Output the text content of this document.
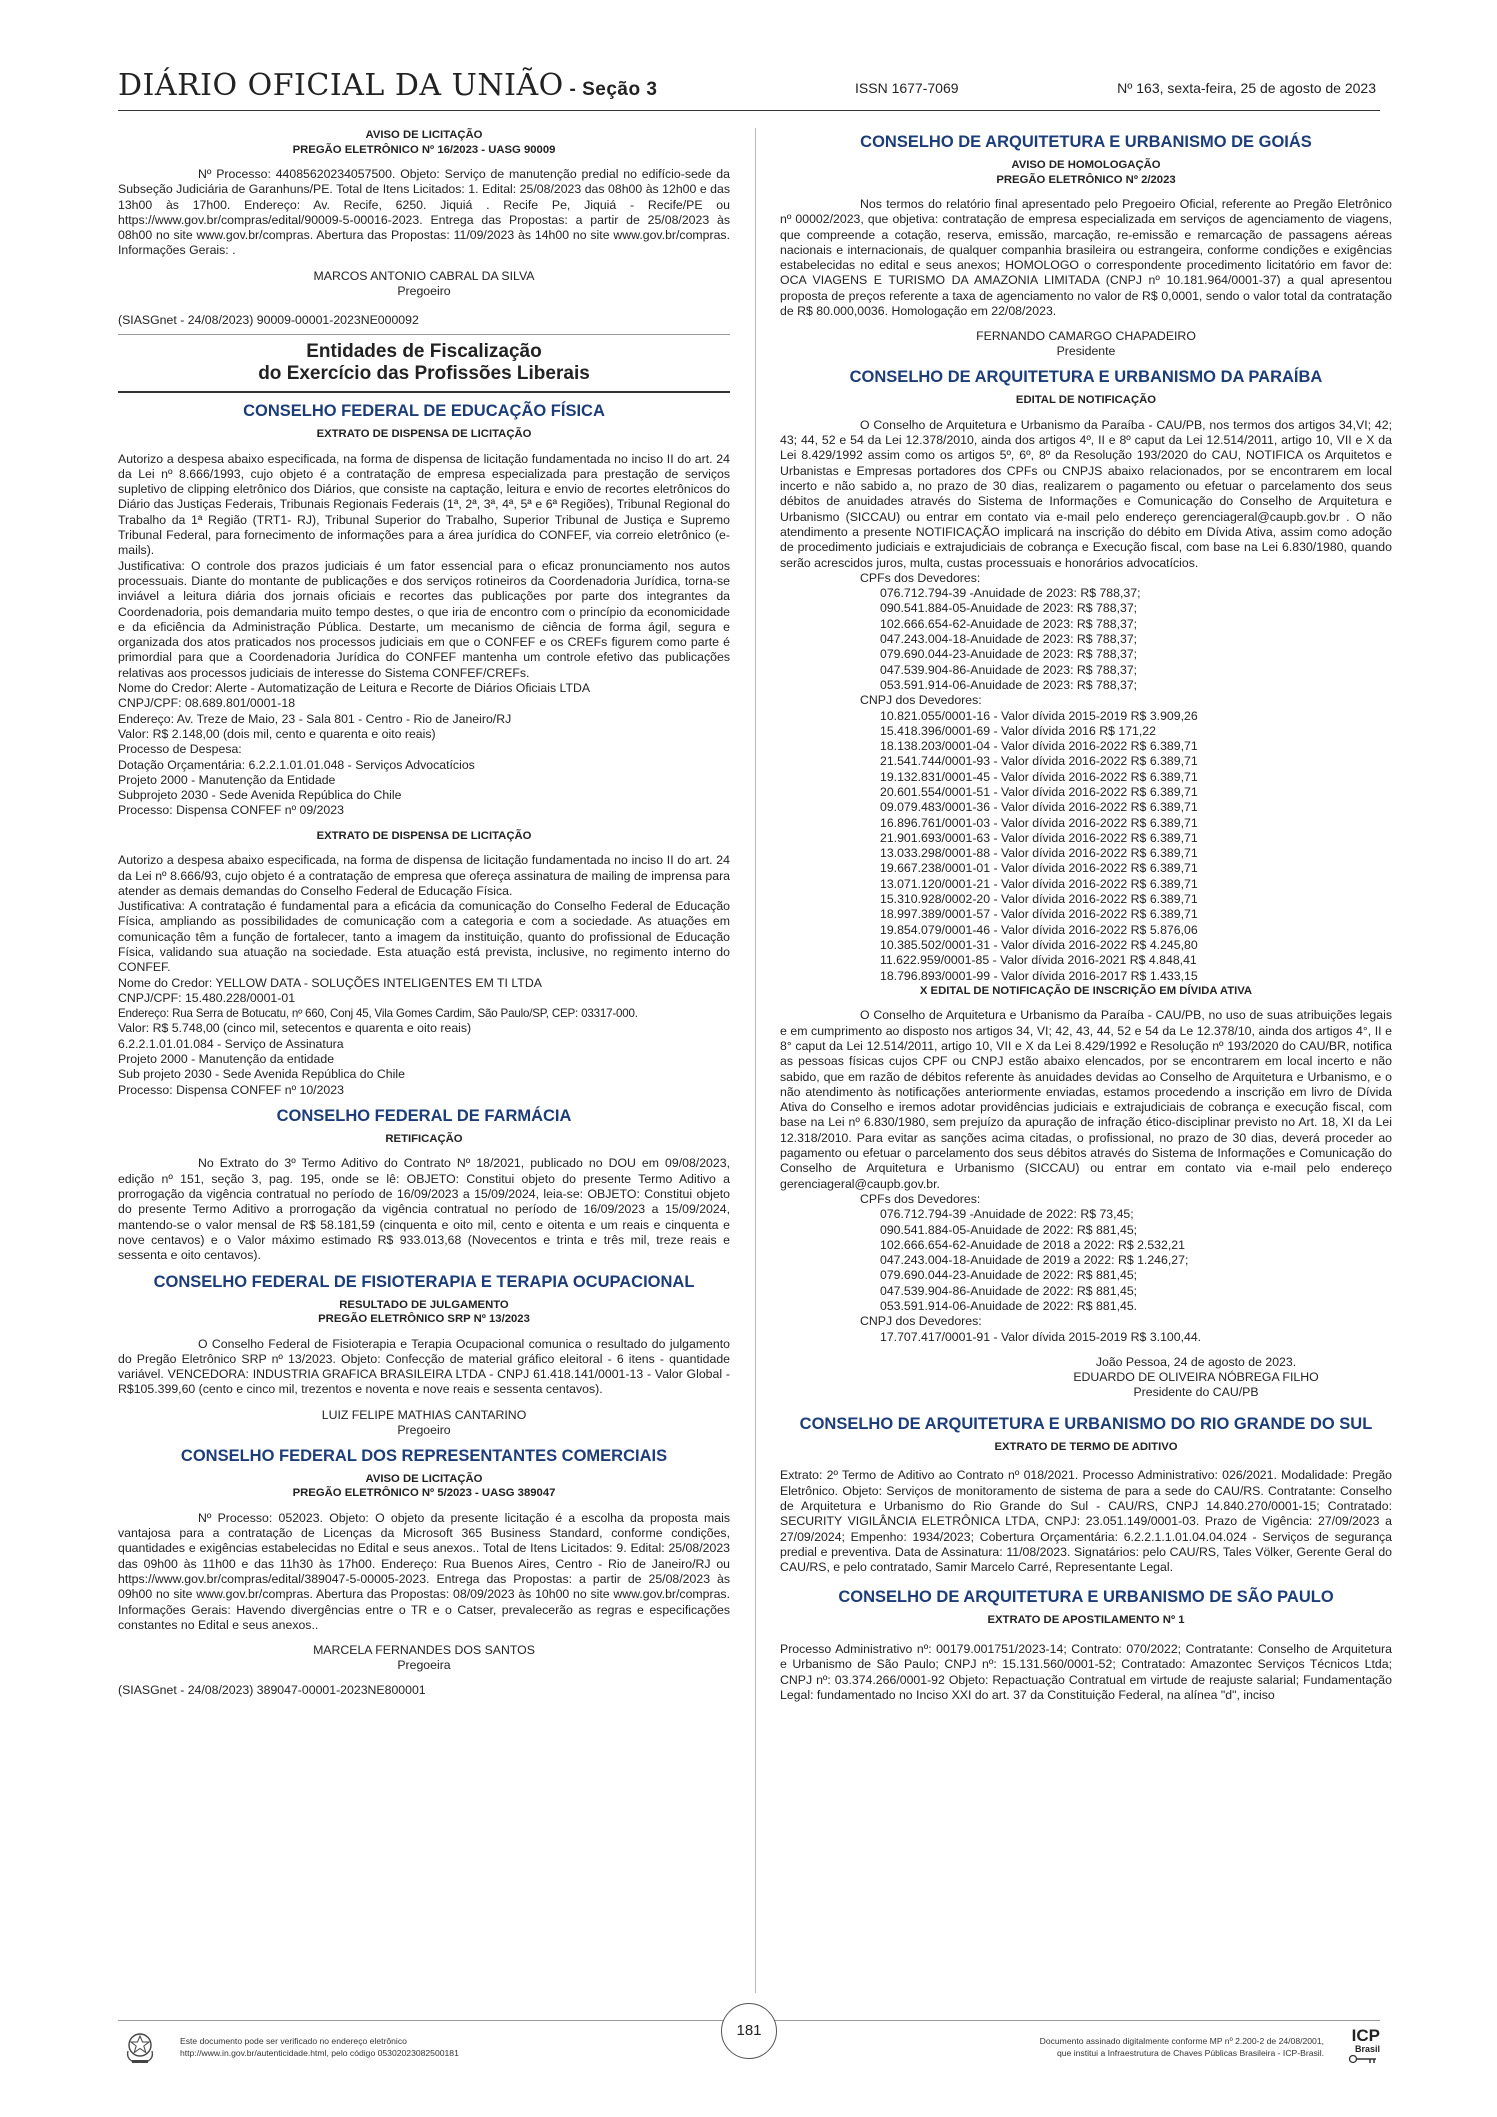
DIÁRIO OFICIAL DA UNIÃO - Seção 3	ISSN 1677-7069	Nº 163, sexta-feira, 25 de agosto de 2023

AVISO DE LICITAÇÃO

PREGÃO ELETRÔNICO Nº 16/2023 - UASG 90009

Nº Processo: 44085620234057500. Objeto: Serviço de manutenção predial no edifício-sede da Subseção Judiciária de Garanhuns/PE. Total de Itens Licitados: 1. Edital: 25/08/2023 das 08h00 às 12h00 e das 13h00 às 17h00. Endereço: Av. Recife, 6250. Jiquiá . Recife Pe, Jiquiá - Recife/PE ou https://www.gov.br/compras/edital/90009-5-00016-2023. Entrega das Propostas: a partir de 25/08/2023 às 08h00 no site www.gov.br/compras. Abertura das Propostas: 11/09/2023 às 14h00 no site www.gov.br/compras. Informações Gerais: .

MARCOS ANTONIO CABRAL DA SILVA

Pregoeiro

(SIASGnet - 24/08/2023) 90009-00001-2023NE000092

Entidades de Fiscalização
do Exercício das Profissões Liberais

CONSELHO FEDERAL DE EDUCAÇÃO FÍSICA

EXTRATO DE DISPENSA DE LICITAÇÃO

Autorizo a despesa abaixo especificada, na forma de dispensa de licitação fundamentada no inciso II do art. 24 da Lei nº 8.666/1993, cujo objeto é a contratação de empresa especializada para prestação de serviços supletivo de clipping eletrônico dos Diários, que consiste na captação, leitura e envio de recortes eletrônicos do Diário das Justiças Federais, Tribunais Regionais Federais (1ª, 2ª, 3ª, 4ª, 5ª e 6ª Regiões), Tribunal Regional do Trabalho da 1ª Região (TRT1- RJ), Tribunal Superior do Trabalho, Superior Tribunal de Justiça e Supremo Tribunal Federal, para fornecimento de informações para a área jurídica do CONFEF, via correio eletrônico (e-mails).

Justificativa: O controle dos prazos judiciais é um fator essencial para o eficaz pronunciamento nos autos processuais. Diante do montante de publicações e dos serviços rotineiros da Coordenadoria Jurídica, torna-se inviável a leitura diária dos jornais oficiais e recortes das publicações por parte dos integrantes da Coordenadoria, pois demandaria muito tempo destes, o que iria de encontro com o princípio da economicidade e da eficiência da Administração Pública. Destarte, um mecanismo de ciência de forma ágil, segura e organizada dos atos praticados nos processos judiciais em que o CONFEF e os CREFs figurem como parte é primordial para que a Coordenadoria Jurídica do CONFEF mantenha um controle efetivo das publicações relativas aos processos judiciais de interesse do Sistema CONFEF/CREFs.

Nome do Credor: Alerte - Automatização de Leitura e Recorte de Diários Oficiais LTDA
CNPJ/CPF: 08.689.801/0001-18
Endereço: Av. Treze de Maio, 23 - Sala 801 - Centro - Rio de Janeiro/RJ
Valor: R$ 2.148,00 (dois mil, cento e quarenta e oito reais)
Processo de Despesa:
Dotação Orçamentária: 6.2.2.1.01.01.048 - Serviços Advocatícios
Projeto 2000 - Manutenção da Entidade
Subprojeto 2030 - Sede Avenida República do Chile
Processo: Dispensa CONFEF nº 09/2023

EXTRATO DE DISPENSA DE LICITAÇÃO

Autorizo a despesa abaixo especificada, na forma de dispensa de licitação fundamentada no inciso II do art. 24 da Lei nº 8.666/93, cujo objeto é a contratação de empresa que ofereça assinatura de mailing de imprensa para atender as demais demandas do Conselho Federal de Educação Física.

Justificativa: A contratação é fundamental para a eficácia da comunicação do Conselho Federal de Educação Física, ampliando as possibilidades de comunicação com a categoria e com a sociedade. As atuações em comunicação têm a função de fortalecer, tanto a imagem da instituição, quanto do profissional de Educação Física, validando sua atuação na sociedade. Esta atuação está prevista, inclusive, no regimento interno do CONFEF.

Nome do Credor: YELLOW DATA - SOLUÇÕES INTELIGENTES EM TI LTDA
CNPJ/CPF: 15.480.228/0001-01
Endereço: Rua Serra de Botucatu, nº 660, Conj 45, Vila Gomes Cardim, São Paulo/SP, CEP: 03317-000.
Valor: R$ 5.748,00 (cinco mil, setecentos e quarenta e oito reais)
6.2.2.1.01.01.084 - Serviço de Assinatura
Projeto 2000 - Manutenção da entidade
Sub projeto 2030 - Sede Avenida República do Chile
Processo: Dispensa CONFEF nº 10/2023

CONSELHO FEDERAL DE FARMÁCIA

RETIFICAÇÃO

No Extrato do 3º Termo Aditivo do Contrato Nº 18/2021, publicado no DOU em 09/08/2023, edição nº 151, seção 3, pag. 195, onde se lê: OBJETO: Constitui objeto do presente Termo Aditivo a prorrogação da vigência contratual no período de 16/09/2023 a 15/09/2024, leia-se: OBJETO: Constitui objeto do presente Termo Aditivo a prorrogação da vigência contratual no período de 16/09/2023 a 15/09/2024, mantendo-se o valor mensal de R$ 58.181,59 (cinquenta e oito mil, cento e oitenta e um reais e cinquenta e nove centavos) e o Valor máximo estimado R$ 933.013,68 (Novecentos e trinta e três mil, treze reais e sessenta e oito centavos).

CONSELHO FEDERAL DE FISIOTERAPIA E TERAPIA OCUPACIONAL

RESULTADO DE JULGAMENTO

PREGÃO ELETRÔNICO SRP Nº 13/2023

O Conselho Federal de Fisioterapia e Terapia Ocupacional comunica o resultado do julgamento do Pregão Eletrônico SRP nº 13/2023. Objeto: Confecção de material gráfico eleitoral - 6 itens - quantidade variável. VENCEDORA: INDUSTRIA GRAFICA BRASILEIRA LTDA - CNPJ 61.418.141/0001-13 - Valor Global - R$105.399,60 (cento e cinco mil, trezentos e noventa e nove reais e sessenta centavos).

LUIZ FELIPE MATHIAS CANTARINO

Pregoeiro

CONSELHO FEDERAL DOS REPRESENTANTES COMERCIAIS

AVISO DE LICITAÇÃO

PREGÃO ELETRÔNICO Nº 5/2023 - UASG 389047

Nº Processo: 052023. Objeto: O objeto da presente licitação é a escolha da proposta mais vantajosa para a contratação de Licenças da Microsoft 365 Business Standard, conforme condições, quantidades e exigências estabelecidas no Edital e seus anexos.. Total de Itens Licitados: 9. Edital: 25/08/2023 das 09h00 às 11h00 e das 11h30 às 17h00. Endereço: Rua Buenos Aires, Centro - Rio de Janeiro/RJ ou https://www.gov.br/compras/edital/389047-5-00005-2023. Entrega das Propostas: a partir de 25/08/2023 às 09h00 no site www.gov.br/compras. Abertura das Propostas: 08/09/2023 às 10h00 no site www.gov.br/compras. Informações Gerais: Havendo divergências entre o TR e o Catser, prevalecerão as regras e especificações constantes no Edital e seus anexos..

MARCELA FERNANDES DOS SANTOS

Pregoeira

(SIASGnet - 24/08/2023) 389047-00001-2023NE800001

CONSELHO DE ARQUITETURA E URBANISMO DE GOIÁS

AVISO DE HOMOLOGAÇÃO

PREGÃO ELETRÔNICO Nº 2/2023

Nos termos do relatório final apresentado pelo Pregoeiro Oficial, referente ao Pregão Eletrônico nº 00002/2023, que objetiva: contratação de empresa especializada em serviços de agenciamento de viagens, que compreende a cotação, reserva, emissão, marcação, re-emissão e remarcação de passagens aéreas nacionais e internacionais, de qualquer companhia brasileira ou estrangeira, conforme condições e exigências estabelecidas no edital e seus anexos; HOMOLOGO o correspondente procedimento licitatório em favor de: OCA VIAGENS E TURISMO DA AMAZONIA LIMITADA (CNPJ nº 10.181.964/0001-37) a qual apresentou proposta de preços referente a taxa de agenciamento no valor de R$ 0,0001, sendo o valor total da contratação de R$ 80.000,0036. Homologação em 22/08/2023.

FERNANDO CAMARGO CHAPADEIRO

Presidente

CONSELHO DE ARQUITETURA E URBANISMO DA PARAÍBA

EDITAL DE NOTIFICAÇÃO

O Conselho de Arquitetura e Urbanismo da Paraíba - CAU/PB, nos termos dos artigos 34,VI; 42; 43; 44, 52 e 54 da Lei 12.378/2010, ainda dos artigos 4º, II e 8º caput da Lei 12.514/2011, artigo 10, VII e X da Lei 8.429/1992 assim como os artigos 5º, 6º, 8º da Resolução 193/2020 do CAU, NOTIFICA os Arquitetos e Urbanistas e Empresas portadores dos CPFs ou CNPJS abaixo relacionados, por se encontrarem em local incerto e não sabido a, no prazo de 30 dias, realizarem o pagamento ou efetuar o parcelamento dos seus débitos de anuidades através do Sistema de Informações e Comunicação do Conselho de Arquitetura e Urbanismo (SICCAU) ou entrar em contato via e-mail pelo endereço gerenciageral@caupb.gov.br . O não atendimento a presente NOTIFICAÇÃO implicará na inscrição do débito em Dívida Ativa, assim como adoção de procedimento judiciais e extrajudiciais de cobrança e Execução fiscal, com base na Lei 6.830/1980, quando serão acrescidos juros, multa, custas processuais e honorários advocatícios.

CPFs dos Devedores:
076.712.794-39 -Anuidade de 2023: R$ 788,37;
090.541.884-05-Anuidade de 2023: R$ 788,37;
102.666.654-62-Anuidade de 2023: R$ 788,37;
047.243.004-18-Anuidade de 2023: R$ 788,37;
079.690.044-23-Anuidade de 2023: R$ 788,37;
047.539.904-86-Anuidade de 2023: R$ 788,37;
053.591.914-06-Anuidade de 2023: R$ 788,37;
CNPJ dos Devedores:
10.821.055/0001-16 - Valor dívida 2015-2019 R$ 3.909,26
15.418.396/0001-69 - Valor dívida 2016 R$ 171,22
18.138.203/0001-04 - Valor dívida 2016-2022 R$ 6.389,71
21.541.744/0001-93 - Valor dívida 2016-2022 R$ 6.389,71
19.132.831/0001-45 - Valor dívida 2016-2022 R$ 6.389,71
20.601.554/0001-51 - Valor dívida 2016-2022 R$ 6.389,71
09.079.483/0001-36 - Valor dívida 2016-2022 R$ 6.389,71
16.896.761/0001-03 - Valor dívida 2016-2022 R$ 6.389,71
21.901.693/0001-63 - Valor dívida 2016-2022 R$ 6.389,71
13.033.298/0001-88 - Valor dívida 2016-2022 R$ 6.389,71
19.667.238/0001-01 - Valor dívida 2016-2022 R$ 6.389,71
13.071.120/0001-21 - Valor dívida 2016-2022 R$ 6.389,71
15.310.928/0002-20 - Valor dívida 2016-2022 R$ 6.389,71
18.997.389/0001-57 - Valor dívida 2016-2022 R$ 6.389,71
19.854.079/0001-46 - Valor dívida 2016-2022 R$ 5.876,06
10.385.502/0001-31 - Valor dívida 2016-2022 R$ 4.245,80
11.622.959/0001-85 - Valor dívida 2016-2021 R$ 4.848,41
18.796.893/0001-99 - Valor dívida 2016-2017 R$ 1.433,15

X EDITAL DE NOTIFICAÇÃO DE INSCRIÇÃO EM DÍVIDA ATIVA

O Conselho de Arquitetura e Urbanismo da Paraíba - CAU/PB, no uso de suas atribuições legais e em cumprimento ao disposto nos artigos 34, VI; 42, 43, 44, 52 e 54 da Le 12.378/10, ainda dos artigos 4°, II e 8° caput da Lei 12.514/2011, artigo 10, VII e X da Lei 8.429/1992 e Resolução nº 193/2020 do CAU/BR, notifica as pessoas físicas cujos CPF ou CNPJ estão abaixo elencados, por se encontrarem em local incerto e não sabido, que em razão de débitos referente às anuidades devidas ao Conselho de Arquitetura e Urbanismo, e o não atendimento às notificações anteriormente enviadas, estamos procedendo a inscrição em livro de Dívida Ativa do Conselho e iremos adotar providências judiciais e extrajudiciais de cobrança e execução fiscal, com base na Lei nº 6.830/1980, sem prejuízo da apuração de infração ético-disciplinar previsto no Art. 18, XI da Lei 12.318/2010. Para evitar as sanções acima citadas, o profissional, no prazo de 30 dias, deverá proceder ao pagamento ou efetuar o parcelamento dos seus débitos através do Sistema de Informações e Comunicação do Conselho de Arquitetura e Urbanismo (SICCAU) ou entrar em contato via e-mail pelo endereço gerenciageral@caupb.gov.br.

CPFs dos Devedores:
076.712.794-39 -Anuidade de 2022: R$ 73,45;
090.541.884-05-Anuidade de 2022: R$ 881,45;
102.666.654-62-Anuidade de 2018 a 2022: R$ 2.532,21
047.243.004-18-Anuidade de 2019 a 2022: R$ 1.246,27;
079.690.044-23-Anuidade de 2022: R$ 881,45;
047.539.904-86-Anuidade de 2022: R$ 881,45;
053.591.914-06-Anuidade de 2022: R$ 881,45.
CNPJ dos Devedores:
17.707.417/0001-91 - Valor dívida 2015-2019 R$ 3.100,44.

João Pessoa, 24 de agosto de 2023.

EDUARDO DE OLIVEIRA NÓBREGA FILHO

Presidente do CAU/PB

CONSELHO DE ARQUITETURA E URBANISMO DO RIO GRANDE DO SUL

EXTRATO DE TERMO DE ADITIVO

Extrato: 2º Termo de Aditivo ao Contrato nº 018/2021. Processo Administrativo: 026/2021. Modalidade: Pregão Eletrônico. Objeto: Serviços de monitoramento de sistema de para a sede do CAU/RS. Contratante: Conselho de Arquitetura e Urbanismo do Rio Grande do Sul - CAU/RS, CNPJ 14.840.270/0001-15; Contratado: SECURITY VIGILÂNCIA ELETRÔNICA LTDA, CNPJ: 23.051.149/0001-03. Prazo de Vigência: 27/09/2023 a 27/09/2024; Empenho: 1934/2023; Cobertura Orçamentária: 6.2.2.1.1.01.04.04.024 - Serviços de segurança predial e preventiva. Data de Assinatura: 11/08/2023. Signatários: pelo CAU/RS, Tales Völker, Gerente Geral do CAU/RS, e pelo contratado, Samir Marcelo Carré, Representante Legal.

CONSELHO DE ARQUITETURA E URBANISMO DE SÃO PAULO

EXTRATO DE APOSTILAMENTO Nº 1

Processo Administrativo nº: 00179.001751/2023-14; Contrato: 070/2022; Contratante: Conselho de Arquitetura e Urbanismo de São Paulo; CNPJ nº: 15.131.560/0001-52; Contratado: Amazontec Serviços Técnicos Ltda; CNPJ nº: 03.374.266/0001-92 Objeto: Repactuação Contratual em virtude de reajuste salarial; Fundamentação Legal: fundamentado no Inciso XXI do art. 37 da Constituição Federal, na alínea "d", inciso

Este documento pode ser verificado no endereço eletrônico
http://www.in.gov.br/autenticidade.html, pelo código 05302023082500181
181
Documento assinado digitalmente conforme MP nº 2.200-2 de 24/08/2001,
que institui a Infraestrutura de Chaves Públicas Brasileira - ICP-Brasil.
ICP
Brasil
